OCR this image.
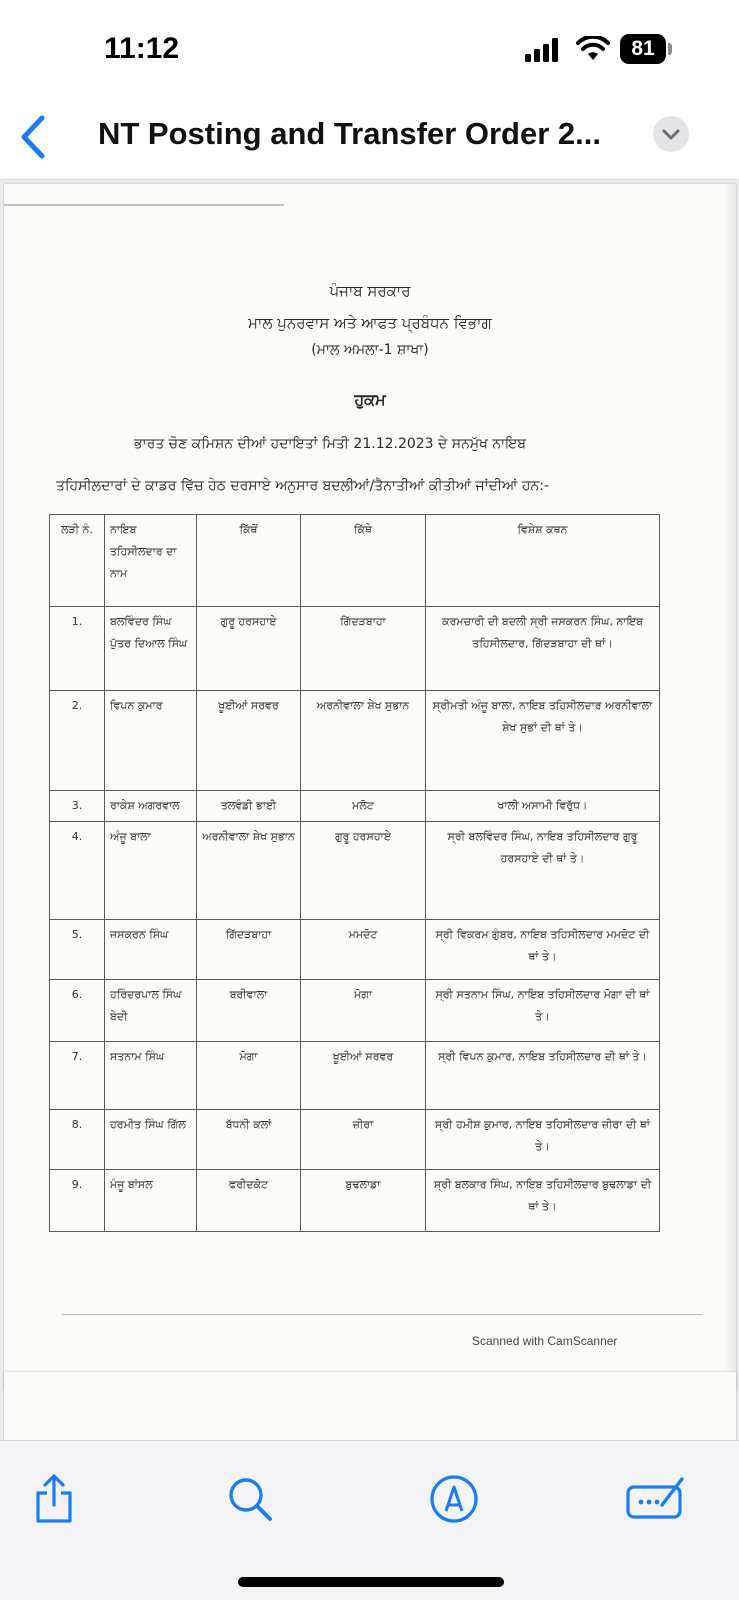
11:12	81
NT Posting and Transfer Order 2...
ਪੰਜਾਬ ਸਰਕਾਰ
ਮਾਲ ਪੁਨਰਵਾਸ ਅਤੇ ਆਫਤ ਪ੍ਰਬੰਧਨ ਵਿਭਾਗ
(ਮਾਲ ਅਮਲਾ-1 ਸ਼ਾਖਾ)
ਹੁਕਮ
ਭਾਰਤ ਚੋਣ ਕਮਿਸ਼ਨ ਦੀਆਂ ਹਦਾਇਤਾਂ ਮਿਤੀ 21.12.2023 ਦੇ ਸਨਮੁੱਖ ਨਾਇਬ
ਤਹਿਸੀਲਦਾਰਾਂ ਦੇ ਕਾਡਰ ਵਿੱਚ ਹੇਠ ਦਰਸਾਏ ਅਨੁਸਾਰ ਬਦਲੀਆਂ/ਤੈਨਾਤੀਆਂ ਕੀਤੀਆਂ ਜਾਂਦੀਆਂ ਹਨ:-
ਲੜੀ ਨੰ.	ਨਾਇਬ ਤਹਿਸੀਲਦਾਰ ਦਾ ਨਾਮ	ਕਿੱਥੋਂ	ਕਿੱਥੇ	ਵਿਸ਼ੇਸ਼ ਕਥਨ
1.	ਬਲਵਿੰਦਰ ਸਿੰਘ ਪੁੱਤਰ ਦਿਆਲ ਸਿੰਘ	ਗੁਰੂ ਹਰਸਹਾਏ	ਗਿੱਦੜਬਾਹਾ	ਕਰਮਚਾਰੀ ਦੀ ਬਦਲੀ ਸ੍ਰੀ ਜਸਕਰਨ ਸਿੰਘ, ਨਾਇਬ ਤਹਿਸੀਲਦਾਰ, ਗਿੱਦੜਬਾਹਾ ਦੀ ਥਾਂ।
2.	ਵਿਪਨ ਕੁਮਾਰ	ਖੂਈਆਂ ਸਰਵਰ	ਅਰਨੀਵਾਲਾ ਸ਼ੇਖ ਸੁਭਾਨ	ਸ੍ਰੀਮਤੀ ਅੰਜੂ ਬਾਲਾ, ਨਾਇਬ ਤਹਿਸੀਲਦਾਰ ਅਰਨੀਵਾਲਾ ਸ਼ੇਖ ਸੁਭਾਂ ਦੀ ਥਾਂ ਤੇ।
3.	ਰਾਕੇਸ਼ ਅਗਰਵਾਲ	ਤਲਵੰਡੀ ਭਾਈ	ਮਲੋਟ	ਖਾਲੀ ਅਸਾਮੀ ਵਿਰੁੱਧ।
4.	ਅੰਜੂ ਬਾਲਾ	ਅਰਨੀਵਾਲਾ ਸ਼ੇਖ ਸੁਭਾਨ	ਗੁਰੂ ਹਰਸਹਾਏ	ਸ੍ਰੀ ਬਲਵਿੰਦਰ ਸਿੰਘ, ਨਾਇਬ ਤਹਿਸੀਲਦਾਰ ਗੁਰੂ ਹਰਸਹਾਏ ਦੀ ਥਾਂ ਤੇ।
5.	ਜਸਕਰਨ ਸਿੰਘ	ਗਿੱਦੜਬਾਹਾ	ਮਮਦੋਟ	ਸ੍ਰੀ ਵਿਕਰਮ ਗੁੰਬਰ, ਨਾਇਬ ਤਹਿਸੀਲਦਾਰ ਮਮਦੋਟ ਦੀ ਥਾਂ ਤੇ।
6.	ਹਰਿੰਦਰਪਾਲ ਸਿੰਘ ਬੇਦੀ	ਬਰੀਵਾਲਾ	ਮੋਗਾ	ਸ੍ਰੀ ਸਤਨਾਮ ਸਿੰਘ, ਨਾਇਬ ਤਹਿਸੀਲਦਾਰ ਮੋਗਾ ਦੀ ਥਾਂ ਤੇ।
7.	ਸਤਨਾਮ ਸਿੰਘ	ਮੋਗਾ	ਖੂਈਆਂ ਸਰਵਰ	ਸ੍ਰੀ ਵਿਪਨ ਕੁਮਾਰ, ਨਾਇਬ ਤਹਿਸੀਲਦਾਰ ਦੀ ਥਾਂ ਤੇ।
8.	ਹਰਮੀਤ ਸਿੰਘ ਗਿੱਲ	ਬੱਧਨੀ ਕਲਾਂ	ਜ਼ੀਰਾ	ਸ੍ਰੀ ਹਮੀਸ਼ ਕੁਮਾਰ, ਨਾਇਬ ਤਹਿਸੀਲਦਾਰ ਜ਼ੀਰਾ ਦੀ ਥਾਂ ਤੇ।
9.	ਮੰਜੂ ਬਾਂਸਲ	ਫਰੀਦਕੋਟ	ਬੁਢਲਾਡਾ	ਸ੍ਰੀ ਬਲਕਾਰ ਸਿੰਘ, ਨਾਇਬ ਤਹਿਸੀਲਦਾਰ ਬੁਢਲਾਡਾ ਦੀ ਥਾਂ ਤੇ।
Scanned with CamScanner
